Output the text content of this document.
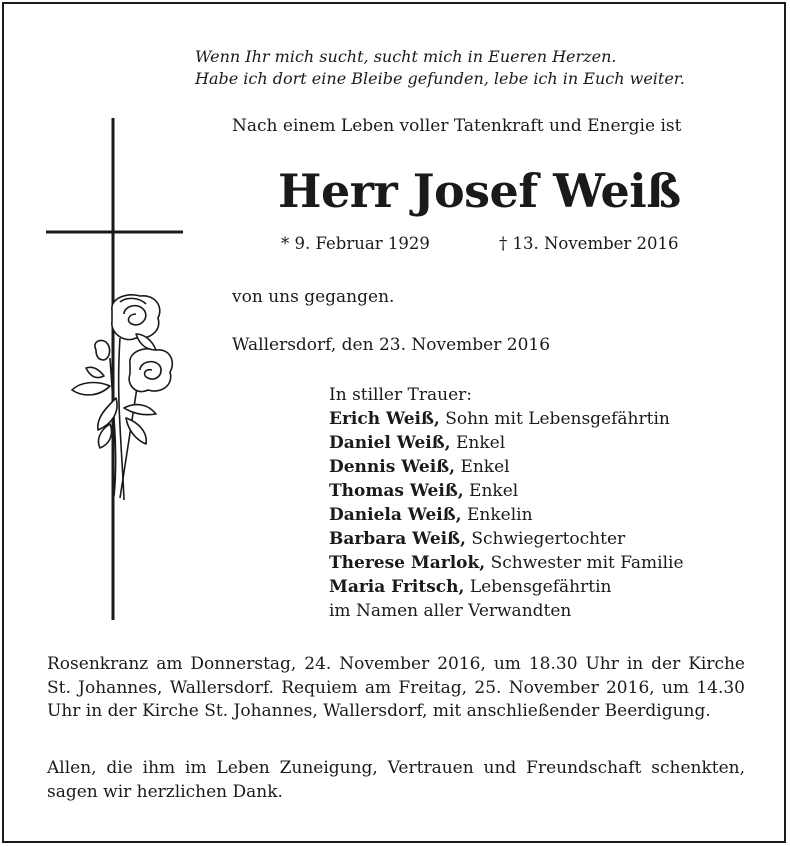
Wenn Ihr mich sucht, sucht mich in Eueren Herzen.
Habe ich dort eine Bleibe gefunden, lebe ich in Euch weiter.
Nach einem Leben voller Tatenkraft und Energie ist
Herr Josef Weiß
* 9. Februar 1929	† 13. November 2016
von uns gegangen.
Wallersdorf, den 23. November 2016
In stiller Trauer:
Erich Weiß, Sohn mit Lebensgefährtin
Daniel Weiß, Enkel
Dennis Weiß, Enkel
Thomas Weiß, Enkel
Daniela Weiß, Enkelin
Barbara Weiß, Schwiegertochter
Therese Marlok, Schwester mit Familie
Maria Fritsch, Lebensgefährtin
im Namen aller Verwandten
Rosenkranz am Donnerstag, 24. November 2016, um 18.30 Uhr in der Kirche St. Johannes, Wallersdorf. Requiem am Freitag, 25. November 2016, um 14.30 Uhr in der Kirche St. Johannes, Wallersdorf, mit anschließender Beerdigung.
Allen, die ihm im Leben Zuneigung, Vertrauen und Freundschaft schenkten, sagen wir herzlichen Dank.
